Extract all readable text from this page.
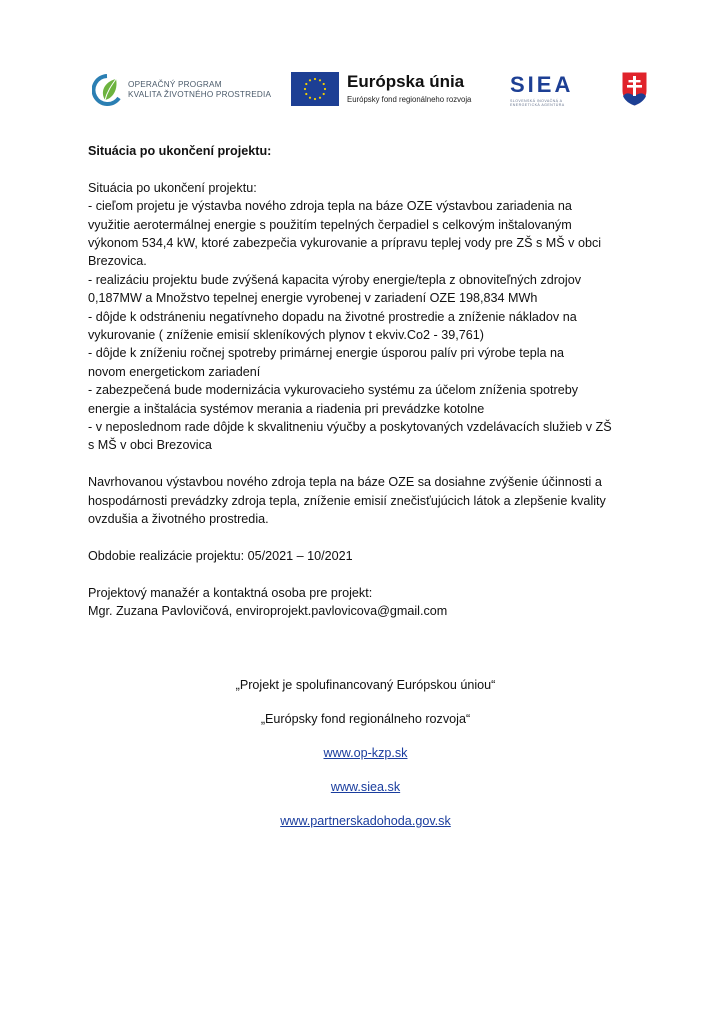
OPERAČNÝ PROGRAM
KVALITA ŽIVOTNÉHO PROSTREDIA
Európska únia
Európsky fond regionálneho rozvoja
SIEA
SLOVENSKÁ INOVAČNÁ A ENERGETICKÁ AGENTÚRA

Situácia po ukončení projektu:

Situácia po ukončení projektu:

- cieľom projetu je výstavba nového zdroja tepla na báze OZE výstavbou zariadenia na

využitie aerotermálnej energie s použitím tepelných čerpadiel s celkovým inštalovaným

výkonom 534,4 kW, ktoré zabezpečia vykurovanie a prípravu teplej vody pre ZŠ s MŠ v obci

Brezovica.

- realizáciu projektu bude zvýšená kapacita výroby energie/tepla z obnoviteľných zdrojov

0,187MW a Množstvo tepelnej energie vyrobenej v zariadení OZE 198,834 MWh

- dôjde k odstráneniu negatívneho dopadu na životné prostredie a zníženie nákladov na

vykurovanie ( zníženie emisií skleníkových plynov t ekviv.Co2 - 39,761)

- dôjde k zníženiu ročnej spotreby primárnej energie úsporou palív pri výrobe tepla na

novom energetickom zariadení

- zabezpečená bude modernizácia vykurovacieho systému za účelom zníženia spotreby

energie a inštalácia systémov merania a riadenia pri prevádzke kotolne

- v neposlednom rade dôjde k skvalitneniu výučby a poskytovaných vzdelávacích služieb v ZŠ

s MŠ v obci Brezovica

Navrhovanou výstavbou nového zdroja tepla na báze OZE sa dosiahne zvýšenie účinnosti a

hospodárnosti prevádzky zdroja tepla, zníženie emisií znečisťujúcich látok a zlepšenie kvality

ovzdušia a životného prostredia.

Obdobie realizácie projektu: 05/2021 – 10/2021

Projektový manažér a kontaktná osoba pre projekt:

Mgr. Zuzana Pavlovičová, enviroprojekt.pavlovicova@gmail.com

„Projekt je spolufinancovaný Európskou úniou“
„Európsky fond regionálneho rozvoja“
www.op-kzp.sk
www.siea.sk
www.partnerskadohoda.gov.sk
